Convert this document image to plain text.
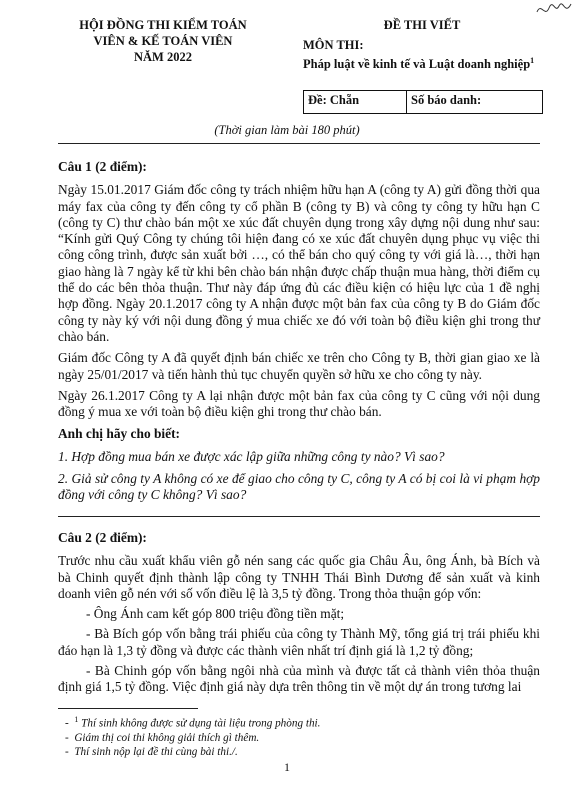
HỘI ĐỒNG THI KIỂM TOÁN
VIÊN & KẾ TOÁN VIÊN
NĂM 2022
ĐỀ THI VIẾT
MÔN THI:
Pháp luật về kinh tế và Luật doanh nghiệp$^1$
Đề: Chẵn	Số báo danh:
(Thời gian làm bài 180 phút)
Câu 1 (2 điểm):

Ngày 15.01.2017 Giám đốc công ty trách nhiệm hữu hạn A (công ty A) gửi đồng thời qua máy fax của công ty đến công ty cổ phần B (công ty B) và công ty công ty hữu hạn C (công ty C) thư chào bán một xe xúc đất chuyên dụng trong xây dựng nội dung như sau: “Kính gửi Quý Công ty chúng tôi hiện đang có xe xúc đất chuyên dụng phục vụ việc thi công công trình, được sản xuất bởi …, có thể bán cho quý công ty với giá là…, thời hạn giao hàng là 7 ngày kể từ khi bên chào bán nhận được chấp thuận mua hàng, thời điểm cụ thể do các bên thỏa thuận. Thư này đáp ứng đủ các điều kiện có hiệu lực của 1 đề nghị hợp đồng. Ngày 20.1.2017 công ty A nhận được một bản fax của công ty B do Giám đốc công ty này ký với nội dung đồng ý mua chiếc xe đó với toàn bộ điều kiện ghi trong thư chào bán.

Giám đốc Công ty A đã quyết định bán chiếc xe trên cho Công ty B, thời gian giao xe là ngày 25/01/2017 và tiến hành thủ tục chuyển quyền sở hữu xe cho công ty này.

Ngày 26.1.2017 Công ty A lại nhận được một bản fax của công ty C cũng với nội dung đồng ý mua xe với toàn bộ điều kiện ghi trong thư chào bán.

Anh chị hãy cho biết:

1. Hợp đồng mua bán xe được xác lập giữa những công ty nào? Vì sao?

2. Giả sử công ty A không có xe để giao cho công ty C, công ty A có bị coi là vi phạm hợp đồng với công ty C không? Vì sao?

Câu 2 (2 điểm):

Trước nhu cầu xuất khẩu viên gỗ nén sang các quốc gia Châu Âu, ông Ánh, bà Bích và bà Chinh quyết định thành lập công ty TNHH Thái Bình Dương để sản xuất và kinh doanh viên gỗ nén với số vốn điều lệ là 3,5 tỷ đồng. Trong thỏa thuận góp vốn:

- Ông Ánh cam kết góp 800 triệu đồng tiền mặt;

- Bà Bích góp vốn bằng trái phiếu của công ty Thành Mỹ, tổng giá trị trái phiếu khi đáo hạn là 1,3 tỷ đồng và được các thành viên nhất trí định giá là 1,2 tỷ đồng;

- Bà Chinh góp vốn bằng ngôi nhà của mình và được tất cả thành viên thỏa thuận định giá 1,5 tỷ đồng. Việc định giá này dựa trên thông tin về một dự án trong tương lai

-  $^1$ Thí sinh không được sử dụng tài liệu trong phòng thi.
-  Giám thị coi thi không giải thích gì thêm.
-  Thí sinh nộp lại đề thi cùng bài thi./.
1
